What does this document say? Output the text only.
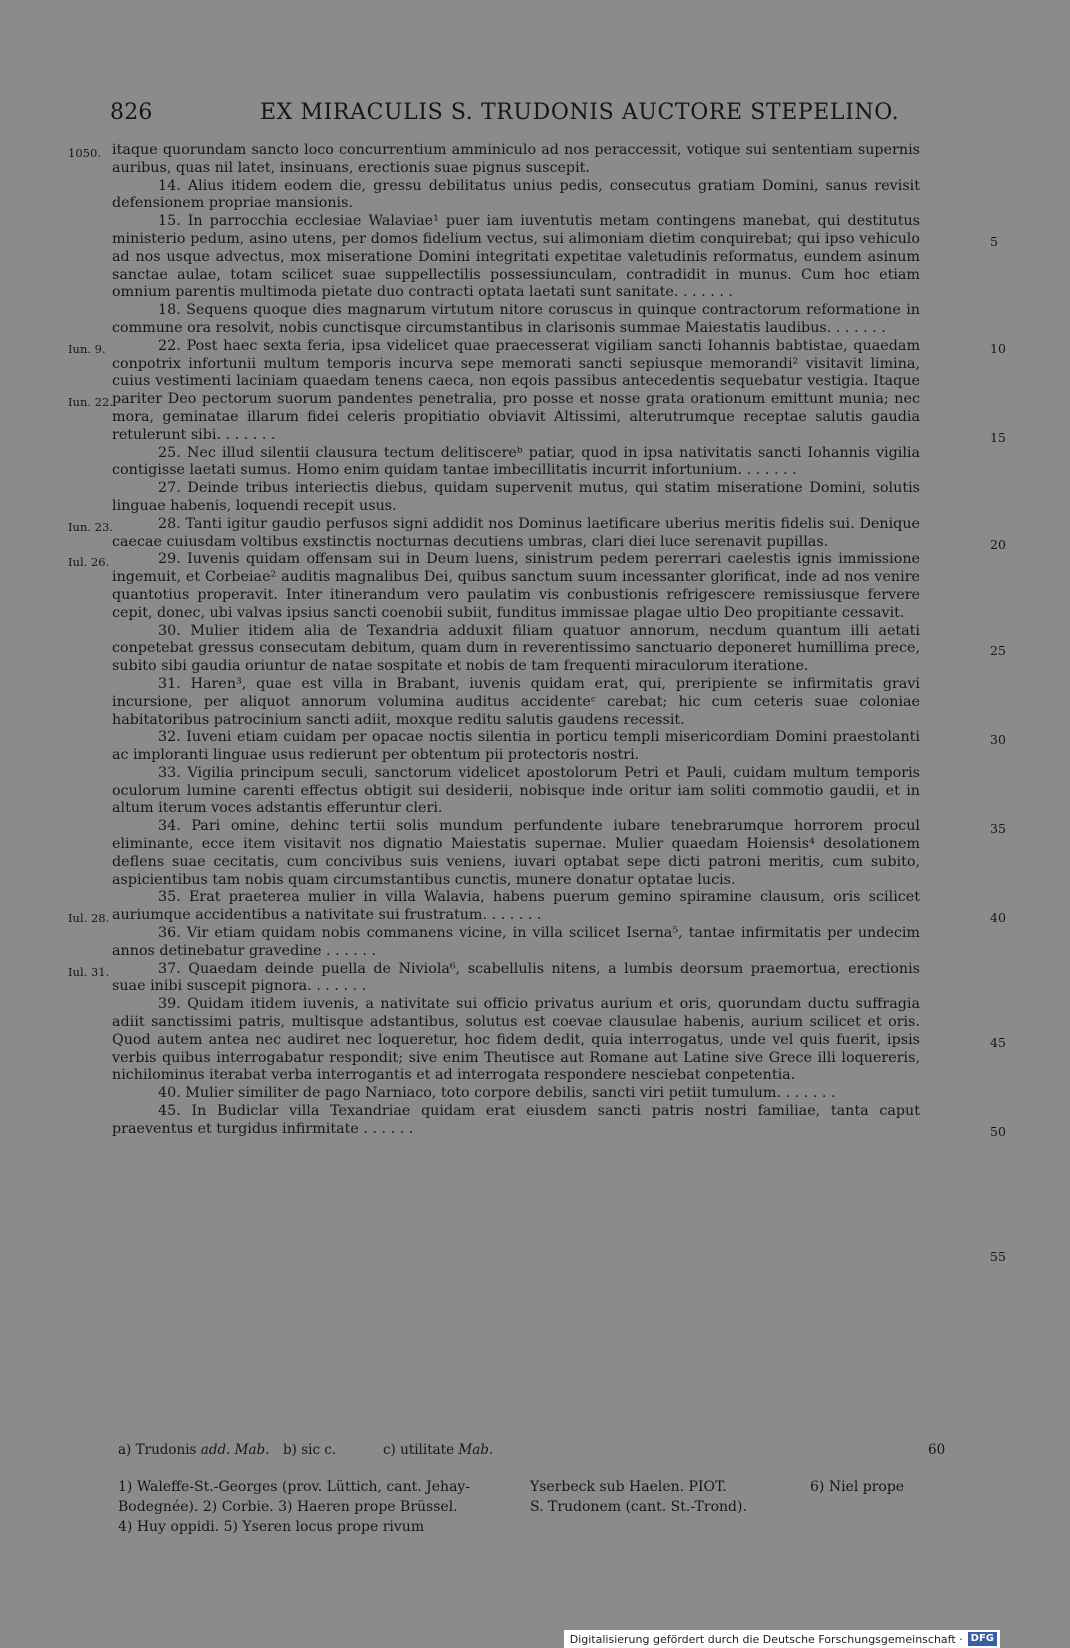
826	EX MIRACULIS S. TRUDONIS AUCTORE STEPELINO.
1050.
Iun. 9.
Iun. 22.
Iun. 23.
Iul. 26.
Iul. 28.
Iul. 31.
5
10
15
20
25
30
35
40
45
50
55

itaque quorundam sancto loco concurrentium amminiculo ad nos peraccessit, votique sui sententiam supernis auribus, quas nil latet, insinuans, erectionis suae pignus suscepit.

14. Alius itidem eodem die, gressu debilitatus unius pedis, consecutus gratiam Domini, sanus revisit defensionem propriae mansionis.

15. In parrocchia ecclesiae Walaviae¹ puer iam iuventutis metam contingens manebat, qui destitutus ministerio pedum, asino utens, per domos fidelium vectus, sui alimoniam dietim conquirebat; qui ipso vehiculo ad nos usque advectus, mox miseratione Domini integritati expetitae valetudinis reformatus, eundem asinum sanctae aulae, totam scilicet suae suppellectilis possessiunculam, contradidit in munus. Cum hoc etiam omnium parentis multimoda pietate duo contracti optata laetati sunt sanitate. . . . . . .

18. Sequens quoque dies magnarum virtutum nitore coruscus in quinque contractorum reformatione in commune ora resolvit, nobis cunctisque circumstantibus in clarisonis summae Maiestatis laudibus. . . . . . .

22. Post haec sexta feria, ipsa videlicet quae praecesserat vigiliam sancti Iohannis babtistae, quaedam conpotrix infortunii multum temporis incurva sepe memorati sancti sepiusque memorandi² visitavit limina, cuius vestimenti laciniam quaedam tenens caeca, non eqois passibus antecedentis sequebatur vestigia. Itaque pariter Deo pectorum suorum pandentes penetralia, pro posse et nosse grata orationum emittunt munia; nec mora, geminatae illarum fidei celeris propitiatio obviavit Altissimi, alterutrumque receptae salutis gaudia retulerunt sibi. . . . . . .

25. Nec illud silentii clausura tectum delitiscereᵇ patiar, quod in ipsa nativitatis sancti Iohannis vigilia contigisse laetati sumus. Homo enim quidam tantae imbecillitatis incurrit infortunium. . . . . . .

27. Deinde tribus interiectis diebus, quidam supervenit mutus, qui statim miseratione Domini, solutis linguae habenis, loquendi recepit usus.

28. Tanti igitur gaudio perfusos signi addidit nos Dominus laetificare uberius meritis fidelis sui. Denique caecae cuiusdam voltibus exstinctis nocturnas decutiens umbras, clari diei luce serenavit pupillas.

29. Iuvenis quidam offensam sui in Deum luens, sinistrum pedem pererrari caelestis ignis immissione ingemuit, et Corbeiae² auditis magnalibus Dei, quibus sanctum suum incessanter glorificat, inde ad nos venire quantotius properavit. Inter itinerandum vero paulatim vis conbustionis refrigescere remissiusque fervere cepit, donec, ubi valvas ipsius sancti coenobii subiit, funditus immissae plagae ultio Deo propitiante cessavit.

30. Mulier itidem alia de Texandria adduxit filiam quatuor annorum, necdum quantum illi aetati conpetebat gressus consecutam debitum, quam dum in reverentissimo sanctuario deponeret humillima prece, subito sibi gaudia oriuntur de natae sospitate et nobis de tam frequenti miraculorum iteratione.

31. Haren³, quae est villa in Brabant, iuvenis quidam erat, qui, preripiente se infirmitatis gravi incursione, per aliquot annorum volumina auditus accidenteᶜ carebat; hic cum ceteris suae coloniae habitatoribus patrocinium sancti adiit, moxque reditu salutis gaudens recessit.

32. Iuveni etiam cuidam per opacae noctis silentia in porticu templi misericordiam Domini praestolanti ac imploranti linguae usus redierunt per obtentum pii protectoris nostri.

33. Vigilia principum seculi, sanctorum videlicet apostolorum Petri et Pauli, cuidam multum temporis oculorum lumine carenti effectus obtigit sui desiderii, nobisque inde oritur iam soliti commotio gaudii, et in altum iterum voces adstantis efferuntur cleri.

34. Pari omine, dehinc tertii solis mundum perfundente iubare tenebrarumque horrorem procul eliminante, ecce item visitavit nos dignatio Maiestatis supernae. Mulier quaedam Hoiensis⁴ desolationem deflens suae cecitatis, cum concivibus suis veniens, iuvari optabat sepe dicti patroni meritis, cum subito, aspicientibus tam nobis quam circumstantibus cunctis, munere donatur optatae lucis.

35. Erat praeterea mulier in villa Walavia, habens puerum gemino spiramine clausum, oris scilicet auriumque accidentibus a nativitate sui frustratum. . . . . . .

36. Vir etiam quidam nobis commanens vicine, in villa scilicet Iserna⁵, tantae infirmitatis per undecim annos detinebatur gravedine . . . . . .

37. Quaedam deinde puella de Niviola⁶, scabellulis nitens, a lumbis deorsum praemortua, erectionis suae inibi suscepit pignora. . . . . . .

39. Quidam itidem iuvenis, a nativitate sui officio privatus aurium et oris, quorundam ductu suffragia adiit sanctissimi patris, multisque adstantibus, solutus est coevae clausulae habenis, aurium scilicet et oris. Quod autem antea nec audiret nec loqueretur, hoc fidem dedit, quia interrogatus, unde vel quis fuerit, ipsis verbis quibus interrogabatur respondit; sive enim Theutisce aut Romane aut Latine sive Grece illi loquereris, nichilominus iterabat verba interrogantis et ad interrogata respondere nesciebat conpetentia.

40. Mulier similiter de pago Narniaco, toto corpore debilis, sancti viri petiit tumulum. . . . . . .

45. In Budiclar villa Texandriae quidam erat eiusdem sancti patris nostri familiae, tanta caput praeventus et turgidus infirmitate . . . . . .

a) Trudonis add. Mab. b) sic c.	c) utilitate Mab.	60
1) Waleffe-St.-Georges (prov. Lüttich, cant. Jehay-
Bodegnée). 2) Corbie. 3) Haeren prope Brüssel.
4) Huy oppidi. 5) Yseren locus prope rivum
Yserbeck sub Haelen. PIOT.
S. Trudonem (cant. St.-Trond).
6) Niel prope
Digitalisierung gefördert durch die Deutsche Forschungsgemeinschaft · DFG
